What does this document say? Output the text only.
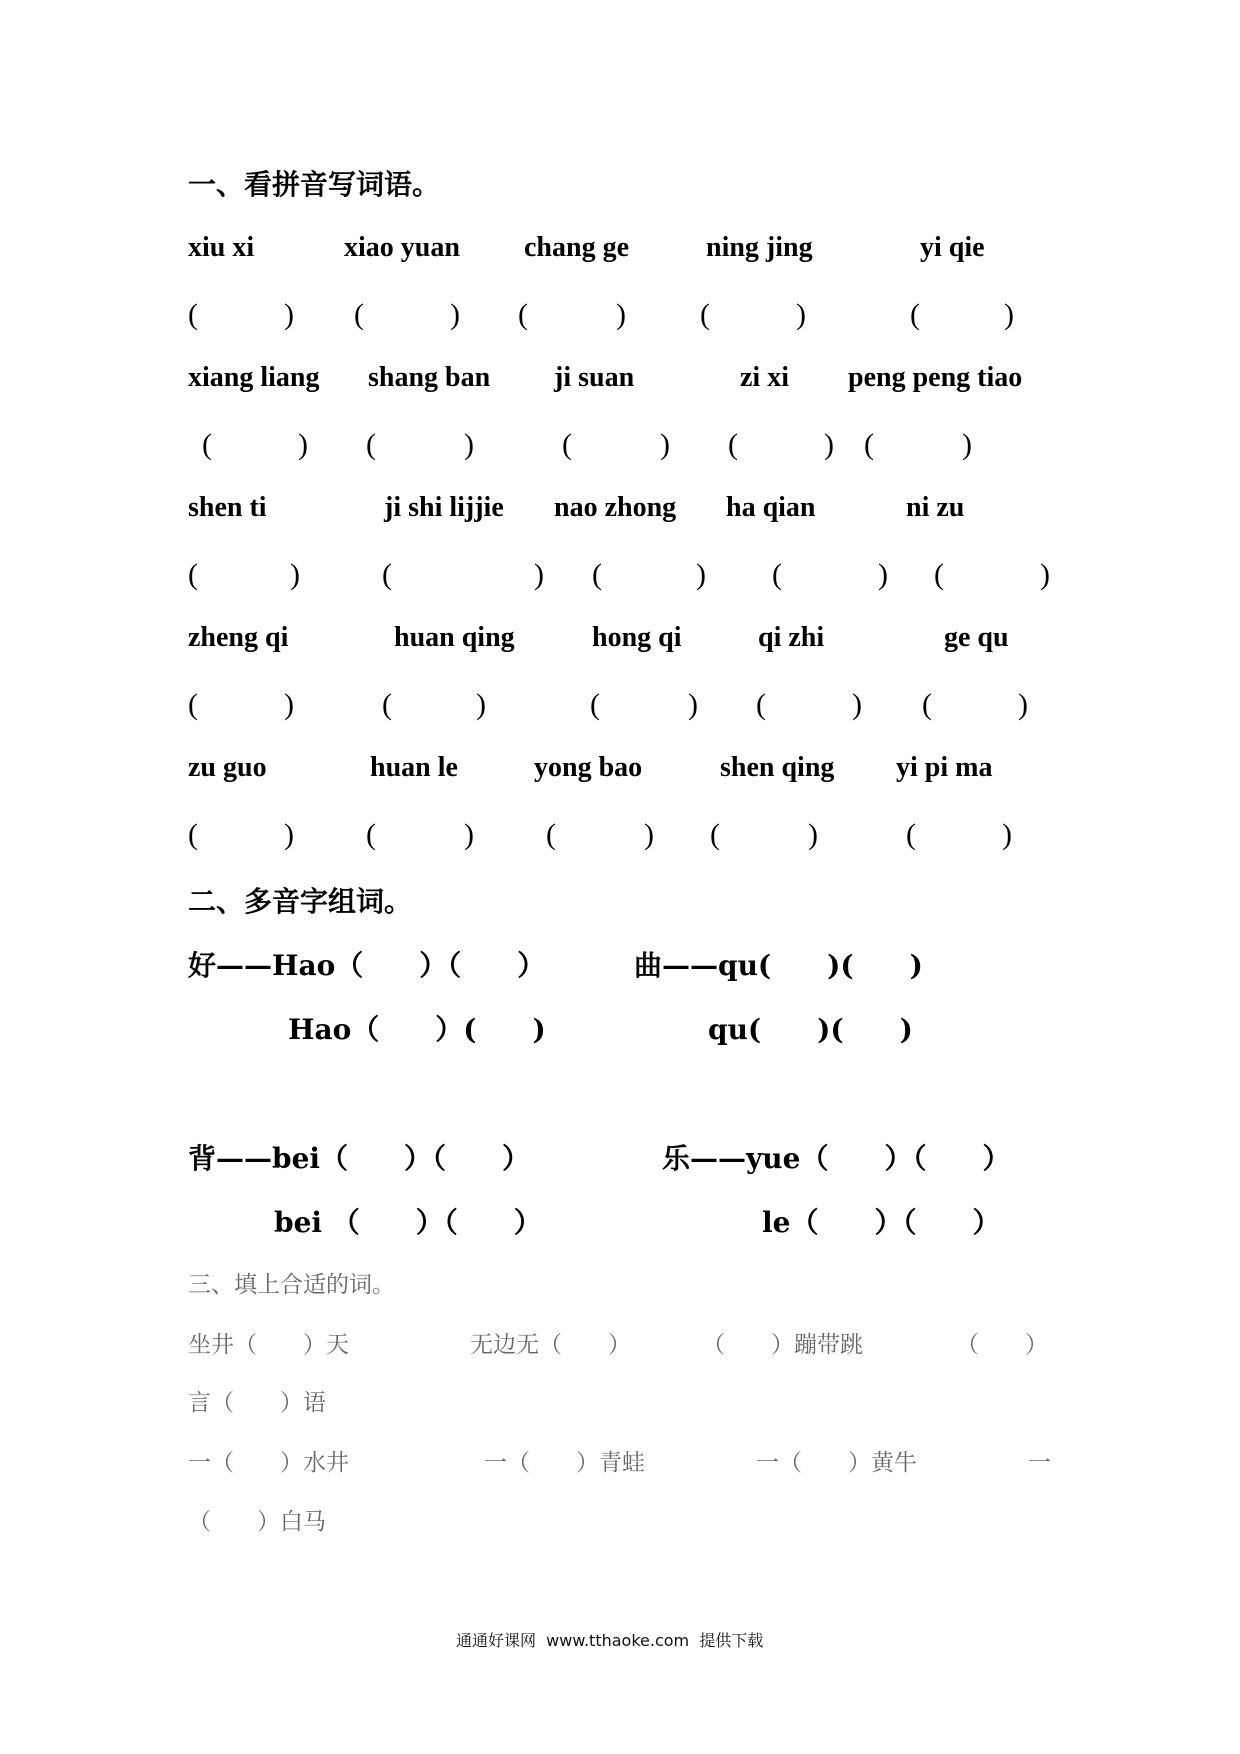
一、看拼音写词语。
xiu xi	xiao yuan chang ge	ning jing	yi qie
(	) (	) (	) (	)	(	)
xiang liang shang ban ji suan	zi xi peng peng tiao
(	) (	)	(	) (	) (	)
shen ti	ji shi lijjie nao zhong ha qian	ni zu
(	)	(	) (	) (	) (	)
zheng qi	huan qing	hong qi	qi zhi	ge qu
(	)	(	)	(	) (	) (	)
zu guo	huan le	yong bao	shen qing yi pi ma
(	) (	) (	) (	)	(	)
二、多音字组词。
好——Hao（　　）（　　）	曲——qu(　　)(　　)
Hao（　　）(　　)	qu(　　)(　　)
背——bei（　　）（　　）	乐——yue（　　）（　　）
bei （　　）（　　）	le（　　）（　　）
三、填上合适的词。
坐井（　　）天	无边无（　　）	（　　）蹦带跳	（　　）
言（　　）语
一（　　）水井	一（　　）青蛙	一（　　）黄牛	一
（　　）白马
通通好课网  www.tthaoke.com  提供下载
